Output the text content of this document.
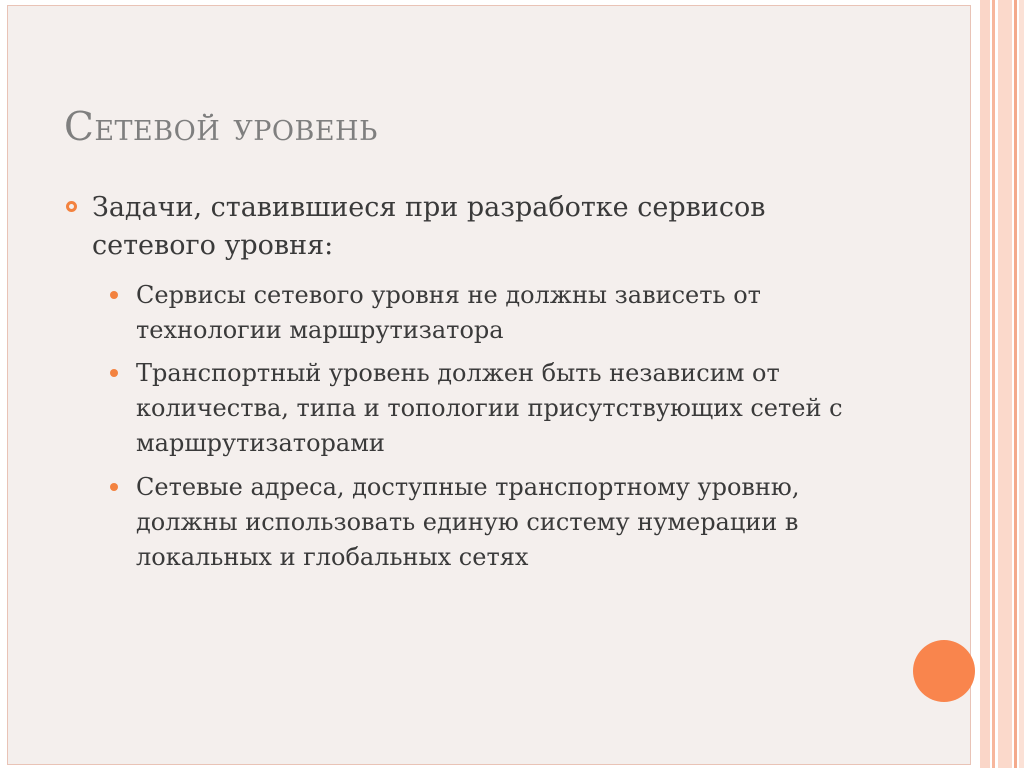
Сетевой уровень
Задачи, ставившиеся при разработке сервисов сетевого уровня:
Сервисы сетевого уровня не должны зависеть от технологии маршрутизатора
Транспортный уровень должен быть независим от количества, типа и топологии присутствующих сетей с маршрутизаторами
Сетевые адреса, доступные транспортному уровню, должны использовать единую систему нумерации в локальных и глобальных сетях
